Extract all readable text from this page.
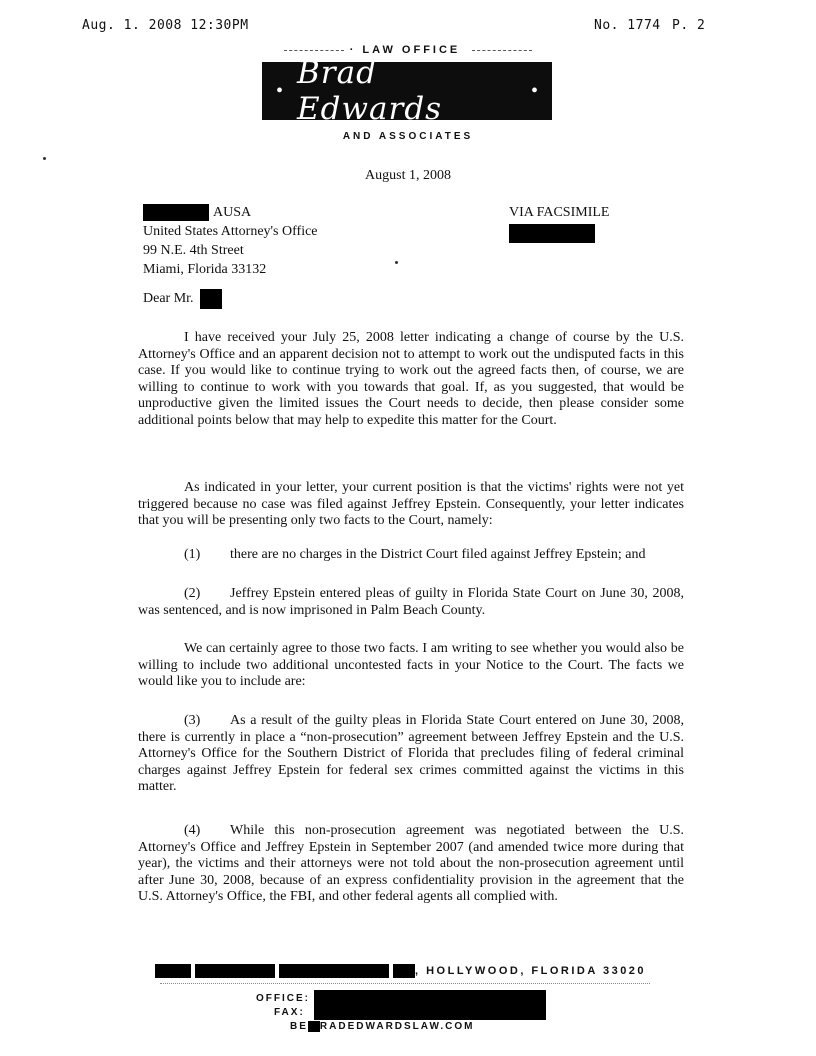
Aug. 1. 2008 12:30PM	No. 1774 P. 2
· LAW OFFICE
• Brad Edwards
•
AND ASSOCIATES
August 1, 2008
AUSA
United States Attorney's Office
99 N.E. 4th Street
Miami, Florida 33132
VIA FACSIMILE
Dear Mr.

I have received your July 25, 2008 letter indicating a change of course by the U.S. Attorney's Office and an apparent decision not to attempt to work out the undisputed facts in this case. If you would like to continue trying to work out the agreed facts then, of course, we are willing to continue to work with you towards that goal. If, as you suggested, that would be unproductive given the limited issues the Court needs to decide, then please consider some additional points below that may help to expedite this matter for the Court.

As indicated in your letter, your current position is that the victims' rights were not yet triggered because no case was filed against Jeffrey Epstein. Consequently, your letter indicates that you will be presenting only two facts to the Court, namely:

(1) there are no charges in the District Court filed against Jeffrey Epstein; and

(2) Jeffrey Epstein entered pleas of guilty in Florida State Court on June 30, 2008, was sentenced, and is now imprisoned in Palm Beach County.

We can certainly agree to those two facts. I am writing to see whether you would also be willing to include two additional uncontested facts in your Notice to the Court. The facts we would like you to include are:

(3) As a result of the guilty pleas in Florida State Court entered on June 30, 2008, there is currently in place a “non-prosecution” agreement between Jeffrey Epstein and the U.S. Attorney's Office for the Southern District of Florida that precludes filing of federal criminal charges against Jeffrey Epstein for federal sex crimes committed against the victims in this matter.

(4) While this non-prosecution agreement was negotiated between the U.S. Attorney's Office and Jeffrey Epstein in September 2007 (and amended twice more during that year), the victims and their attorneys were not told about the non-prosecution agreement until after June 30, 2008, because of an express confidentiality provision in the agreement that the U.S. Attorney's Office, the FBI, and other federal agents all complied with.

, HOLLYWOOD, FLORIDA 33020
OFFICE:
FAX:
BE RADEDWARDSLAW.COM
